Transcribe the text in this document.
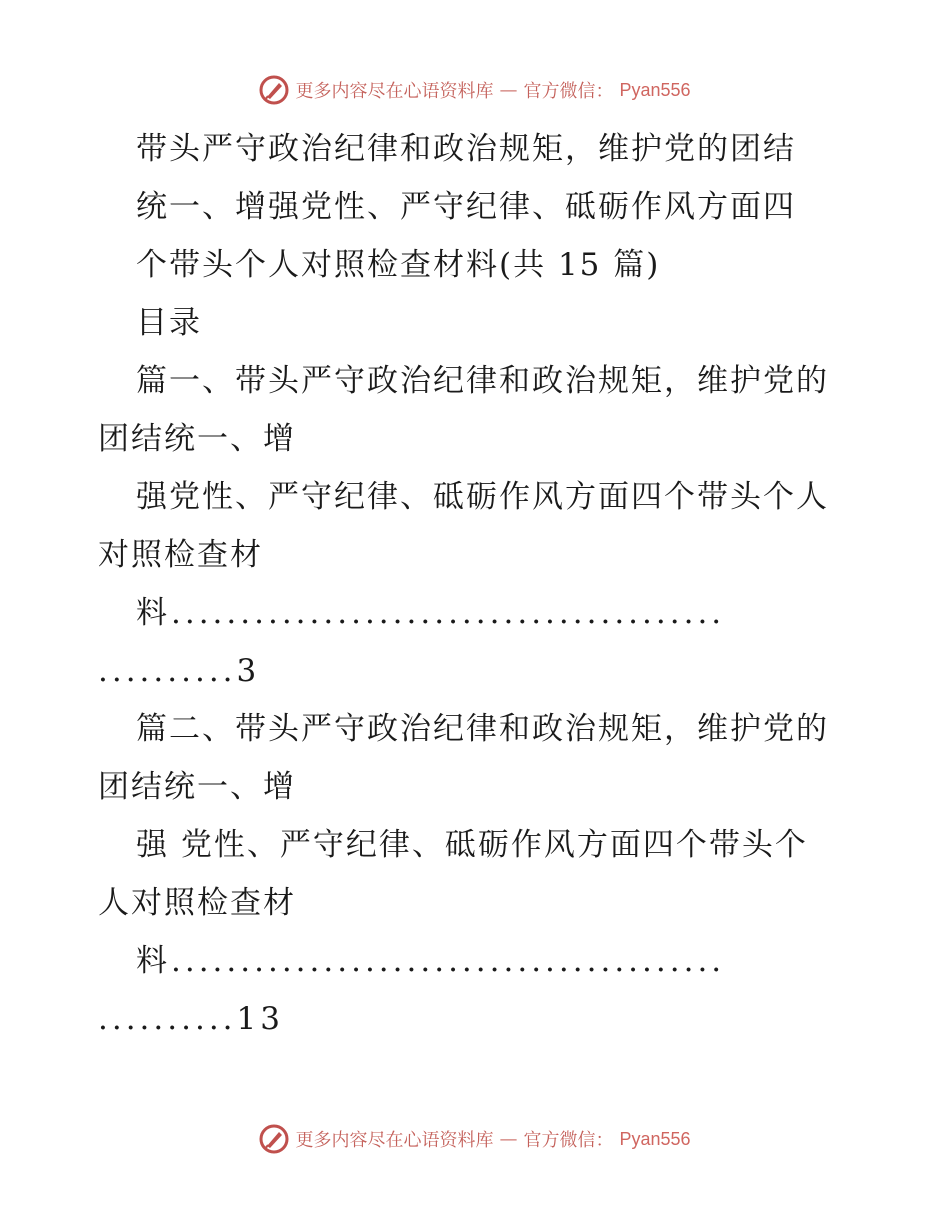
更多内容尽在心语资料库 — 官方微信： Pyan556
带头严守政治纪律和政治规矩，维护党的团结
统一、增强党性、严守纪律、砥砺作风方面四
个带头个人对照检查材料(共 15 篇)
目录
篇一、带头严守政治纪律和政治规矩，维护党的
团结统一、增
强党性、严守纪律、砥砺作风方面四个带头个人
对照检查材
料........................................
..........3
篇二、带头严守政治纪律和政治规矩，维护党的
团结统一、增
强 党性、严守纪律、砥砺作风方面四个带头个
人对照检查材
料........................................
..........13
更多内容尽在心语资料库 — 官方微信： Pyan556
